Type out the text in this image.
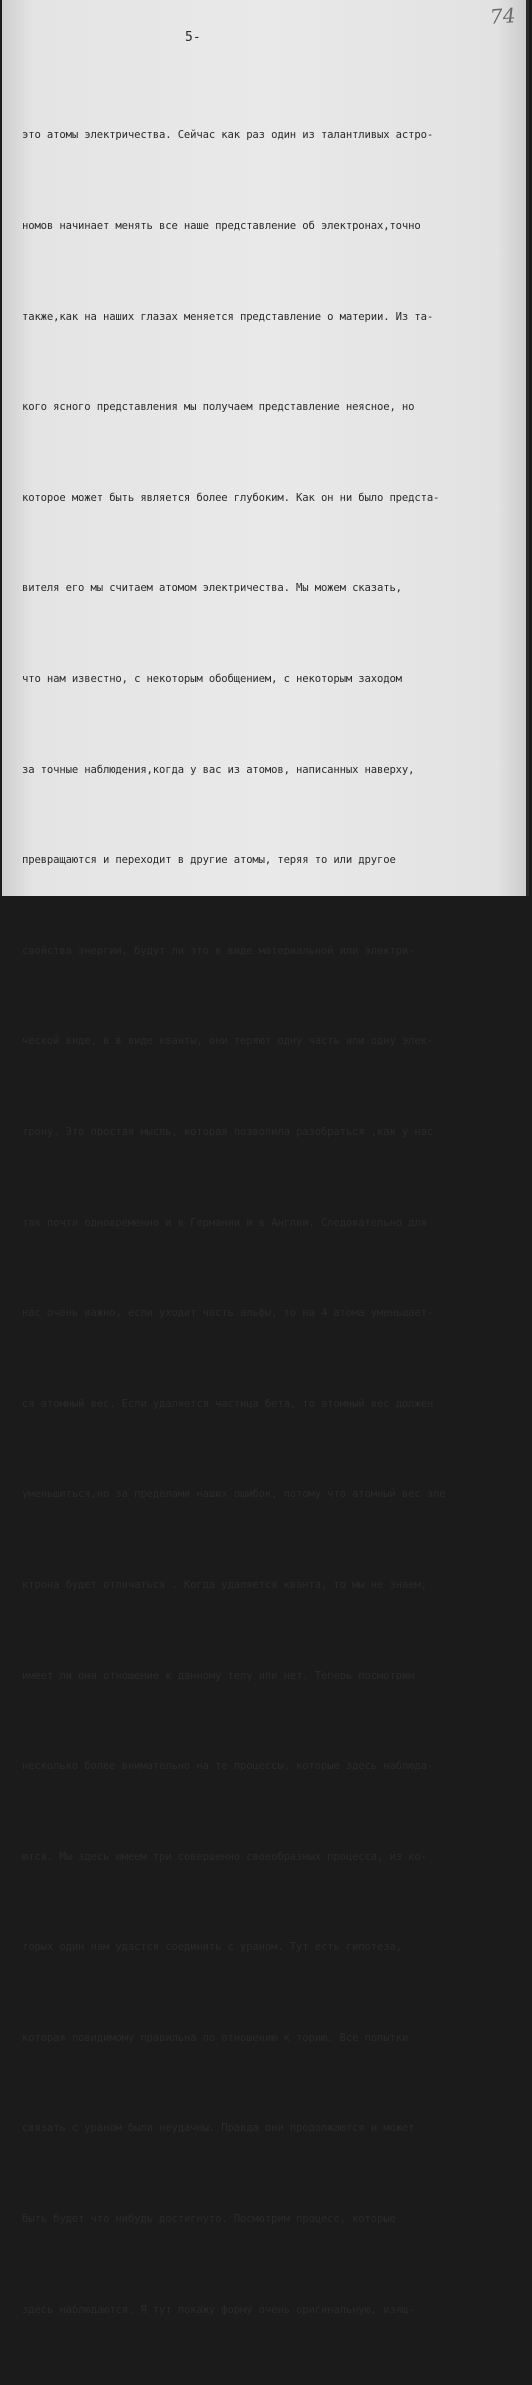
5-
74

это атомы электричества. Сейчас как раз один из талантливых астро-

номов начинает менять все наше представление об электронах,точно

также,как на наших глазах меняется представление о материи. Из та-

кого ясного представления мы получаем представление неясное, но

которое может быть является более глубоким. Как он ни было предста-

вителя его мы считаем атомом электричества. Мы можем сказать,

что нам известно, с некоторым обобщением, с некоторым заходом

за точные наблюдения,когда у вас из атомов, написанных наверху,

превращаются и переходит в другие атомы, теряя то или другое

свойства энергии, будут ли это в виде материальной или электри-

ческой виде, в в виде кванты, они теряют одну часть или одну элек-

трону. Это простая мысль, которая позволила разобраться ,как у нас

так почти одновременно и в Германии и в Англии. Следовательно для

нас очень важно, если уходит часть альфы, то на 4 атома уменьшает-

ся атомный вес. Если удаляется частица бета, то атомный вес должен

уменьшиться,но за пределами наших ошибок, потому что атомный вес эле

ктрона будет отличаться . Когда удаляется кванта, то мы не знаем,

имеет ли она отношение к данному телу или нет. Теперь посмотрим

несколько более внимательно на те процессы, которые здесь наблюда-

ются. Мы здесь имеем три совершенно своеобразных процесса, из ко-

торых один нам удастся соединить с ураном. Тут есть гипотеза,

которая повидимому правильна по отношению к торию. Все попытки

связать с ураном были неудачны. Правда они продолжаются и может

быть будет что нибудь достигнуто. Посмотрим процесс, которые

здесь наблюдаются. Я тут покажу форму очень оригинальную, изящ-
